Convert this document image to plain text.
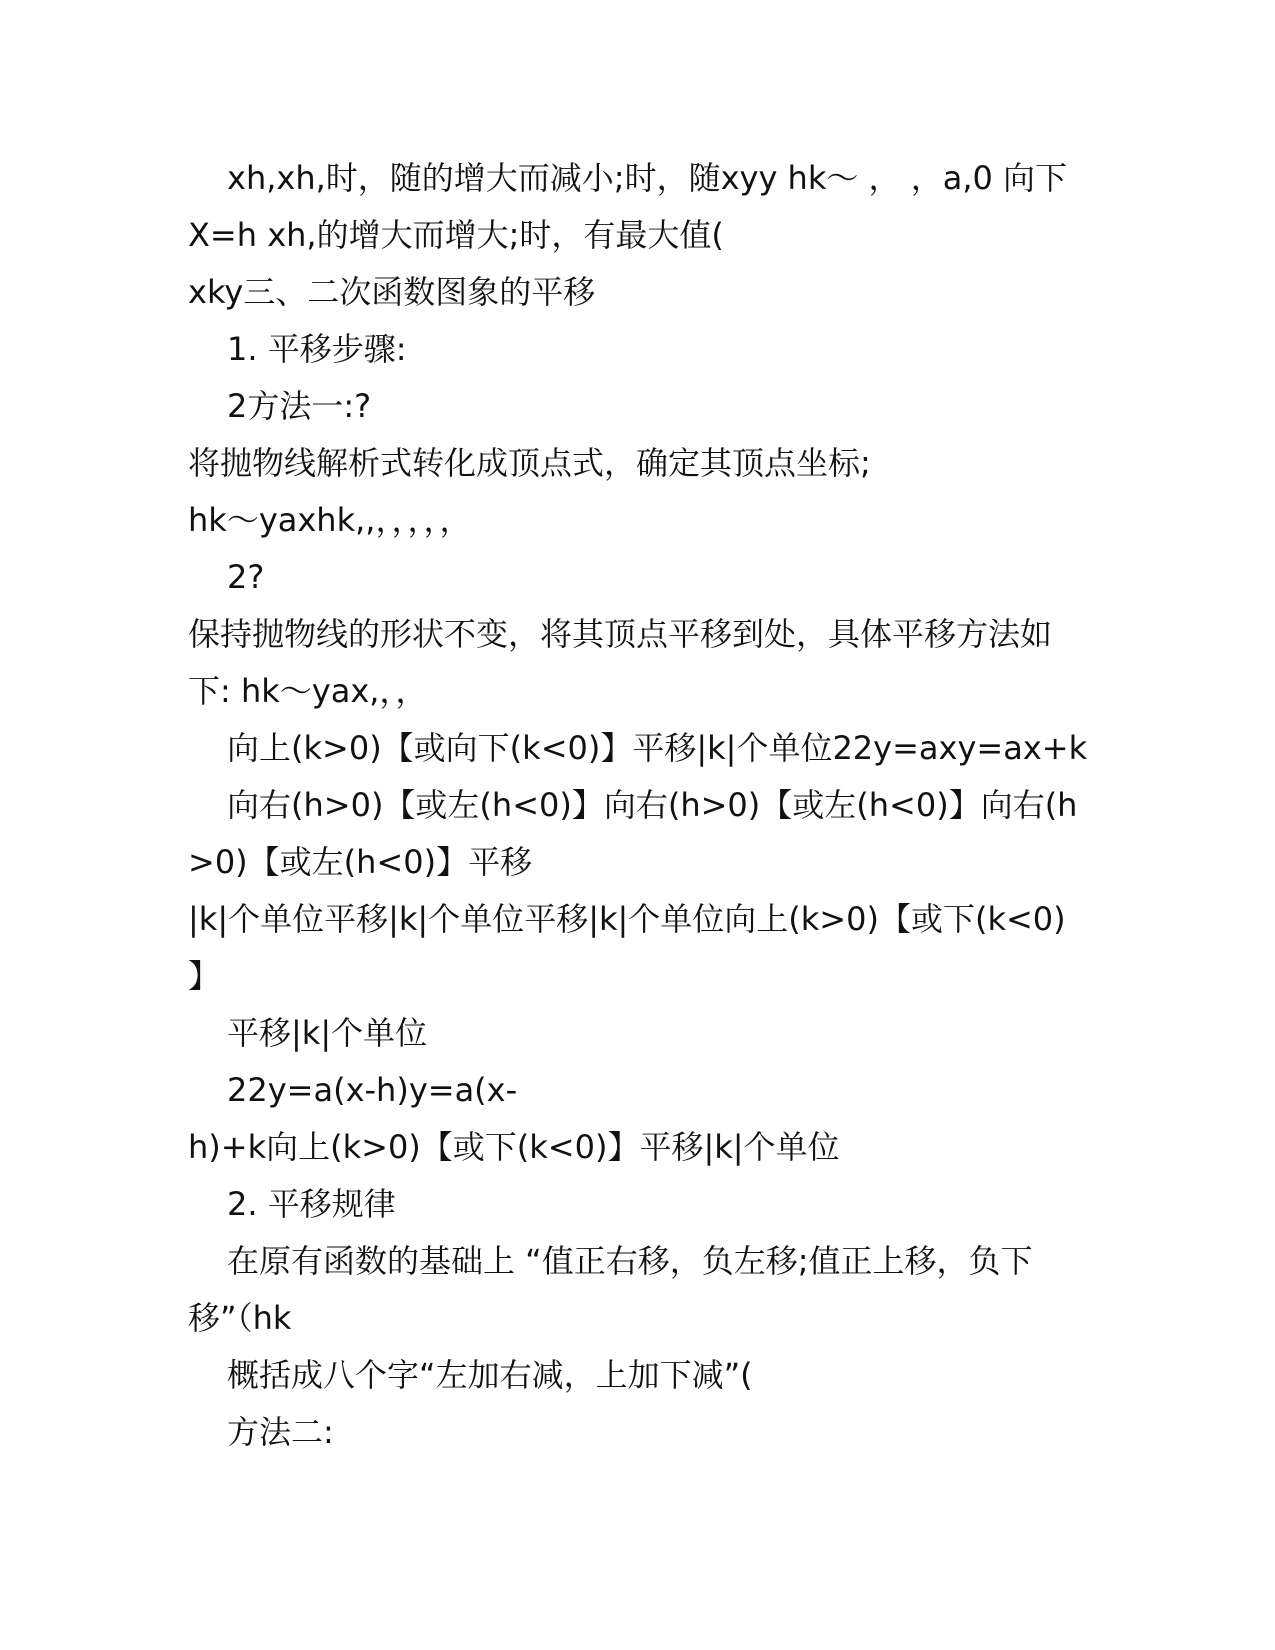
xh,xh,时，随的增大而减小;时，随xyy hk～ ， ，a,0 向下
X=h xh,的增大而增大;时，有最大值(
xky三、二次函数图象的平移
1. 平移步骤:
2方法一:?
将抛物线解析式转化成顶点式，确定其顶点坐标;
hk～yaxhk,,，，，，，
2?
保持抛物线的形状不变，将其顶点平移到处，具体平移方法如
下: hk～yax,，，
向上(k>0)【或向下(k<0)】平移|k|个单位22y=axy=ax+k
向右(h>0)【或左(h<0)】向右(h>0)【或左(h<0)】向右(h
>0)【或左(h<0)】平移
|k|个单位平移|k|个单位平移|k|个单位向上(k>0)【或下(k<0)
】
平移|k|个单位
22y=a(x-h)y=a(x-
h)+k向上(k>0)【或下(k<0)】平移|k|个单位
2. 平移规律
在原有函数的基础上 “值正右移，负左移;值正上移，负下
移”（hk
概括成八个字“左加右减，上加下减”(
方法二:
